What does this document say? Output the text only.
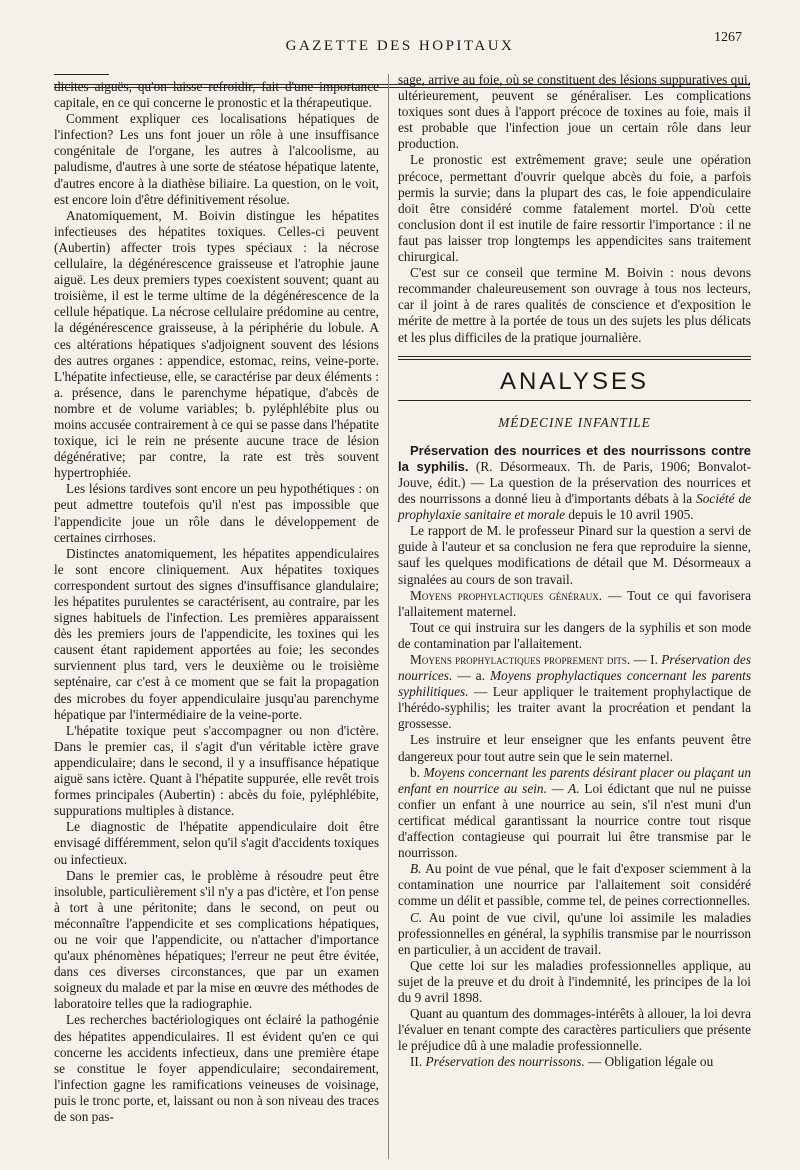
GAZETTE DES HOPITAUX
1267

dicites aiguës, qu'on laisse refroidir, fait d'une importance capitale, en ce qui concerne le pronostic et la thérapeutique.

Comment expliquer ces localisations hépatiques de l'infection? Les uns font jouer un rôle à une insuffisance congénitale de l'organe, les autres à l'alcoolisme, au paludisme, d'autres à une sorte de stéatose hépatique latente, d'autres encore à la diathèse biliaire. La question, on le voit, est encore loin d'être définitivement résolue.

Anatomiquement, M. Boivin distingue les hépatites infectieuses des hépatites toxiques. Celles-ci peuvent (Aubertin) affecter trois types spéciaux : la nécrose cellulaire, la dégénérescence graisseuse et l'atrophie jaune aiguë. Les deux premiers types coexistent souvent; quant au troisième, il est le terme ultime de la dégénérescence de la cellule hépatique. La nécrose cellulaire prédomine au centre, la dégénérescence graisseuse, à la périphérie du lobule. A ces altérations hépatiques s'adjoignent souvent des lésions des autres organes : appendice, estomac, reins, veine-porte. L'hépatite infectieuse, elle, se caractérise par deux éléments : a. présence, dans le parenchyme hépatique, d'abcès de nombre et de volume variables; b. pyléphlébite plus ou moins accusée contrairement à ce qui se passe dans l'hépatite toxique, ici le rein ne présente aucune trace de lésion dégénérative; par contre, la rate est très souvent hypertrophiée.

Les lésions tardives sont encore un peu hypothétiques : on peut admettre toutefois qu'il n'est pas impossible que l'appendicite joue un rôle dans le développement de certaines cirrhoses.

Distinctes anatomiquement, les hépatites appendiculaires le sont encore cliniquement. Aux hépatites toxiques correspondent surtout des signes d'insuffisance glandulaire; les hépatites purulentes se caractérisent, au contraire, par les signes habituels de l'infection. Les premières apparaissent dès les premiers jours de l'appendicite, les toxines qui les causent étant rapidement apportées au foie; les secondes surviennent plus tard, vers le deuxième ou le troisième septénaire, car c'est à ce moment que se fait la propagation des microbes du foyer appendiculaire jusqu'au parenchyme hépatique par l'intermédiaire de la veine-porte.

L'hépatite toxique peut s'accompagner ou non d'ictère. Dans le premier cas, il s'agit d'un véritable ictère grave appendiculaire; dans le second, il y a insuffisance hépatique aiguë sans ictère. Quant à l'hépatite suppurée, elle revêt trois formes principales (Aubertin) : abcès du foie, pyléphlébite, suppurations multiples à distance.

Le diagnostic de l'hépatite appendiculaire doit être envisagé différemment, selon qu'il s'agit d'accidents toxiques ou infectieux.

Dans le premier cas, le problème à résoudre peut être insoluble, particulièrement s'il n'y a pas d'ictère, et l'on pense à tort à une péritonite; dans le second, on peut ou méconnaître l'appendicite et ses complications hépatiques, ou ne voir que l'appendicite, ou n'attacher d'importance qu'aux phénomènes hépatiques; l'erreur ne peut être évitée, dans ces diverses circonstances, que par un examen soigneux du malade et par la mise en œuvre des méthodes de laboratoire telles que la radiographie.

Les recherches bactériologiques ont éclairé la pathogénie des hépatites appendiculaires. Il est évident qu'en ce qui concerne les accidents infectieux, dans une première étape se constitue le foyer appendiculaire; secondairement, l'infection gagne les ramifications veineuses de voisinage, puis le tronc porte, et, laissant ou non à son niveau des traces de son pas-

sage, arrive au foie, où se constituent des lésions suppuratives qui, ultérieurement, peuvent se généraliser. Les complications toxiques sont dues à l'apport précoce de toxines au foie, mais il est probable que l'infection joue un certain rôle dans leur production.

Le pronostic est extrêmement grave; seule une opération précoce, permettant d'ouvrir quelque abcès du foie, a parfois permis la survie; dans la plupart des cas, le foie appendiculaire doit être considéré comme fatalement mortel. D'où cette conclusion dont il est inutile de faire ressortir l'importance : il ne faut pas laisser trop longtemps les appendicites sans traitement chirurgical.

C'est sur ce conseil que termine M. Boivin : nous devons recommander chaleureusement son ouvrage à tous nos lecteurs, car il joint à de rares qualités de conscience et d'exposition le mérite de mettre à la portée de tous un des sujets les plus délicats et les plus difficiles de la pratique journalière.

ANALYSES
MÉDECINE INFANTILE

Préservation des nourrices et des nourrissons contre la syphilis. (R. Désormeaux. Th. de Paris, 1906; Bonvalot-Jouve, édit.) — La question de la préservation des nourrices et des nourrissons a donné lieu à d'importants débats à la Société de prophylaxie sanitaire et morale depuis le 10 avril 1905.

Le rapport de M. le professeur Pinard sur la question a servi de guide à l'auteur et sa conclusion ne fera que reproduire la sienne, sauf les quelques modifications de détail que M. Désormeaux a signalées au cours de son travail.

Moyens prophylactiques généraux. — Tout ce qui favorisera l'allaitement maternel.

Tout ce qui instruira sur les dangers de la syphilis et son mode de contamination par l'allaitement.

Moyens prophylactiques proprement dits. — I. Préservation des nourrices. — a. Moyens prophylactiques concernant les parents syphilitiques. — Leur appliquer le traitement prophylactique de l'hérédo-syphilis; les traiter avant la procréation et pendant la grossesse.

Les instruire et leur enseigner que les enfants peuvent être dangereux pour tout autre sein que le sein maternel.

b. Moyens concernant les parents désirant placer ou plaçant un enfant en nourrice au sein. — A. Loi édictant que nul ne puisse confier un enfant à une nourrice au sein, s'il n'est muni d'un certificat médical garantissant la nourrice contre tout risque d'affection contagieuse qui pourrait lui être transmise par le nourrisson.

B. Au point de vue pénal, que le fait d'exposer sciemment à la contamination une nourrice par l'allaitement soit considéré comme un délit et passible, comme tel, de peines correctionnelles.

C. Au point de vue civil, qu'une loi assimile les maladies professionnelles en général, la syphilis transmise par le nourrisson en particulier, à un accident de travail.

Que cette loi sur les maladies professionnelles applique, au sujet de la preuve et du droit à l'indemnité, les principes de la loi du 9 avril 1898.

Quant au quantum des dommages-intérêts à allouer, la loi devra l'évaluer en tenant compte des caractères particuliers que présente le préjudice dû à une maladie professionnelle.

II. Préservation des nourrissons. — Obligation légale ou
